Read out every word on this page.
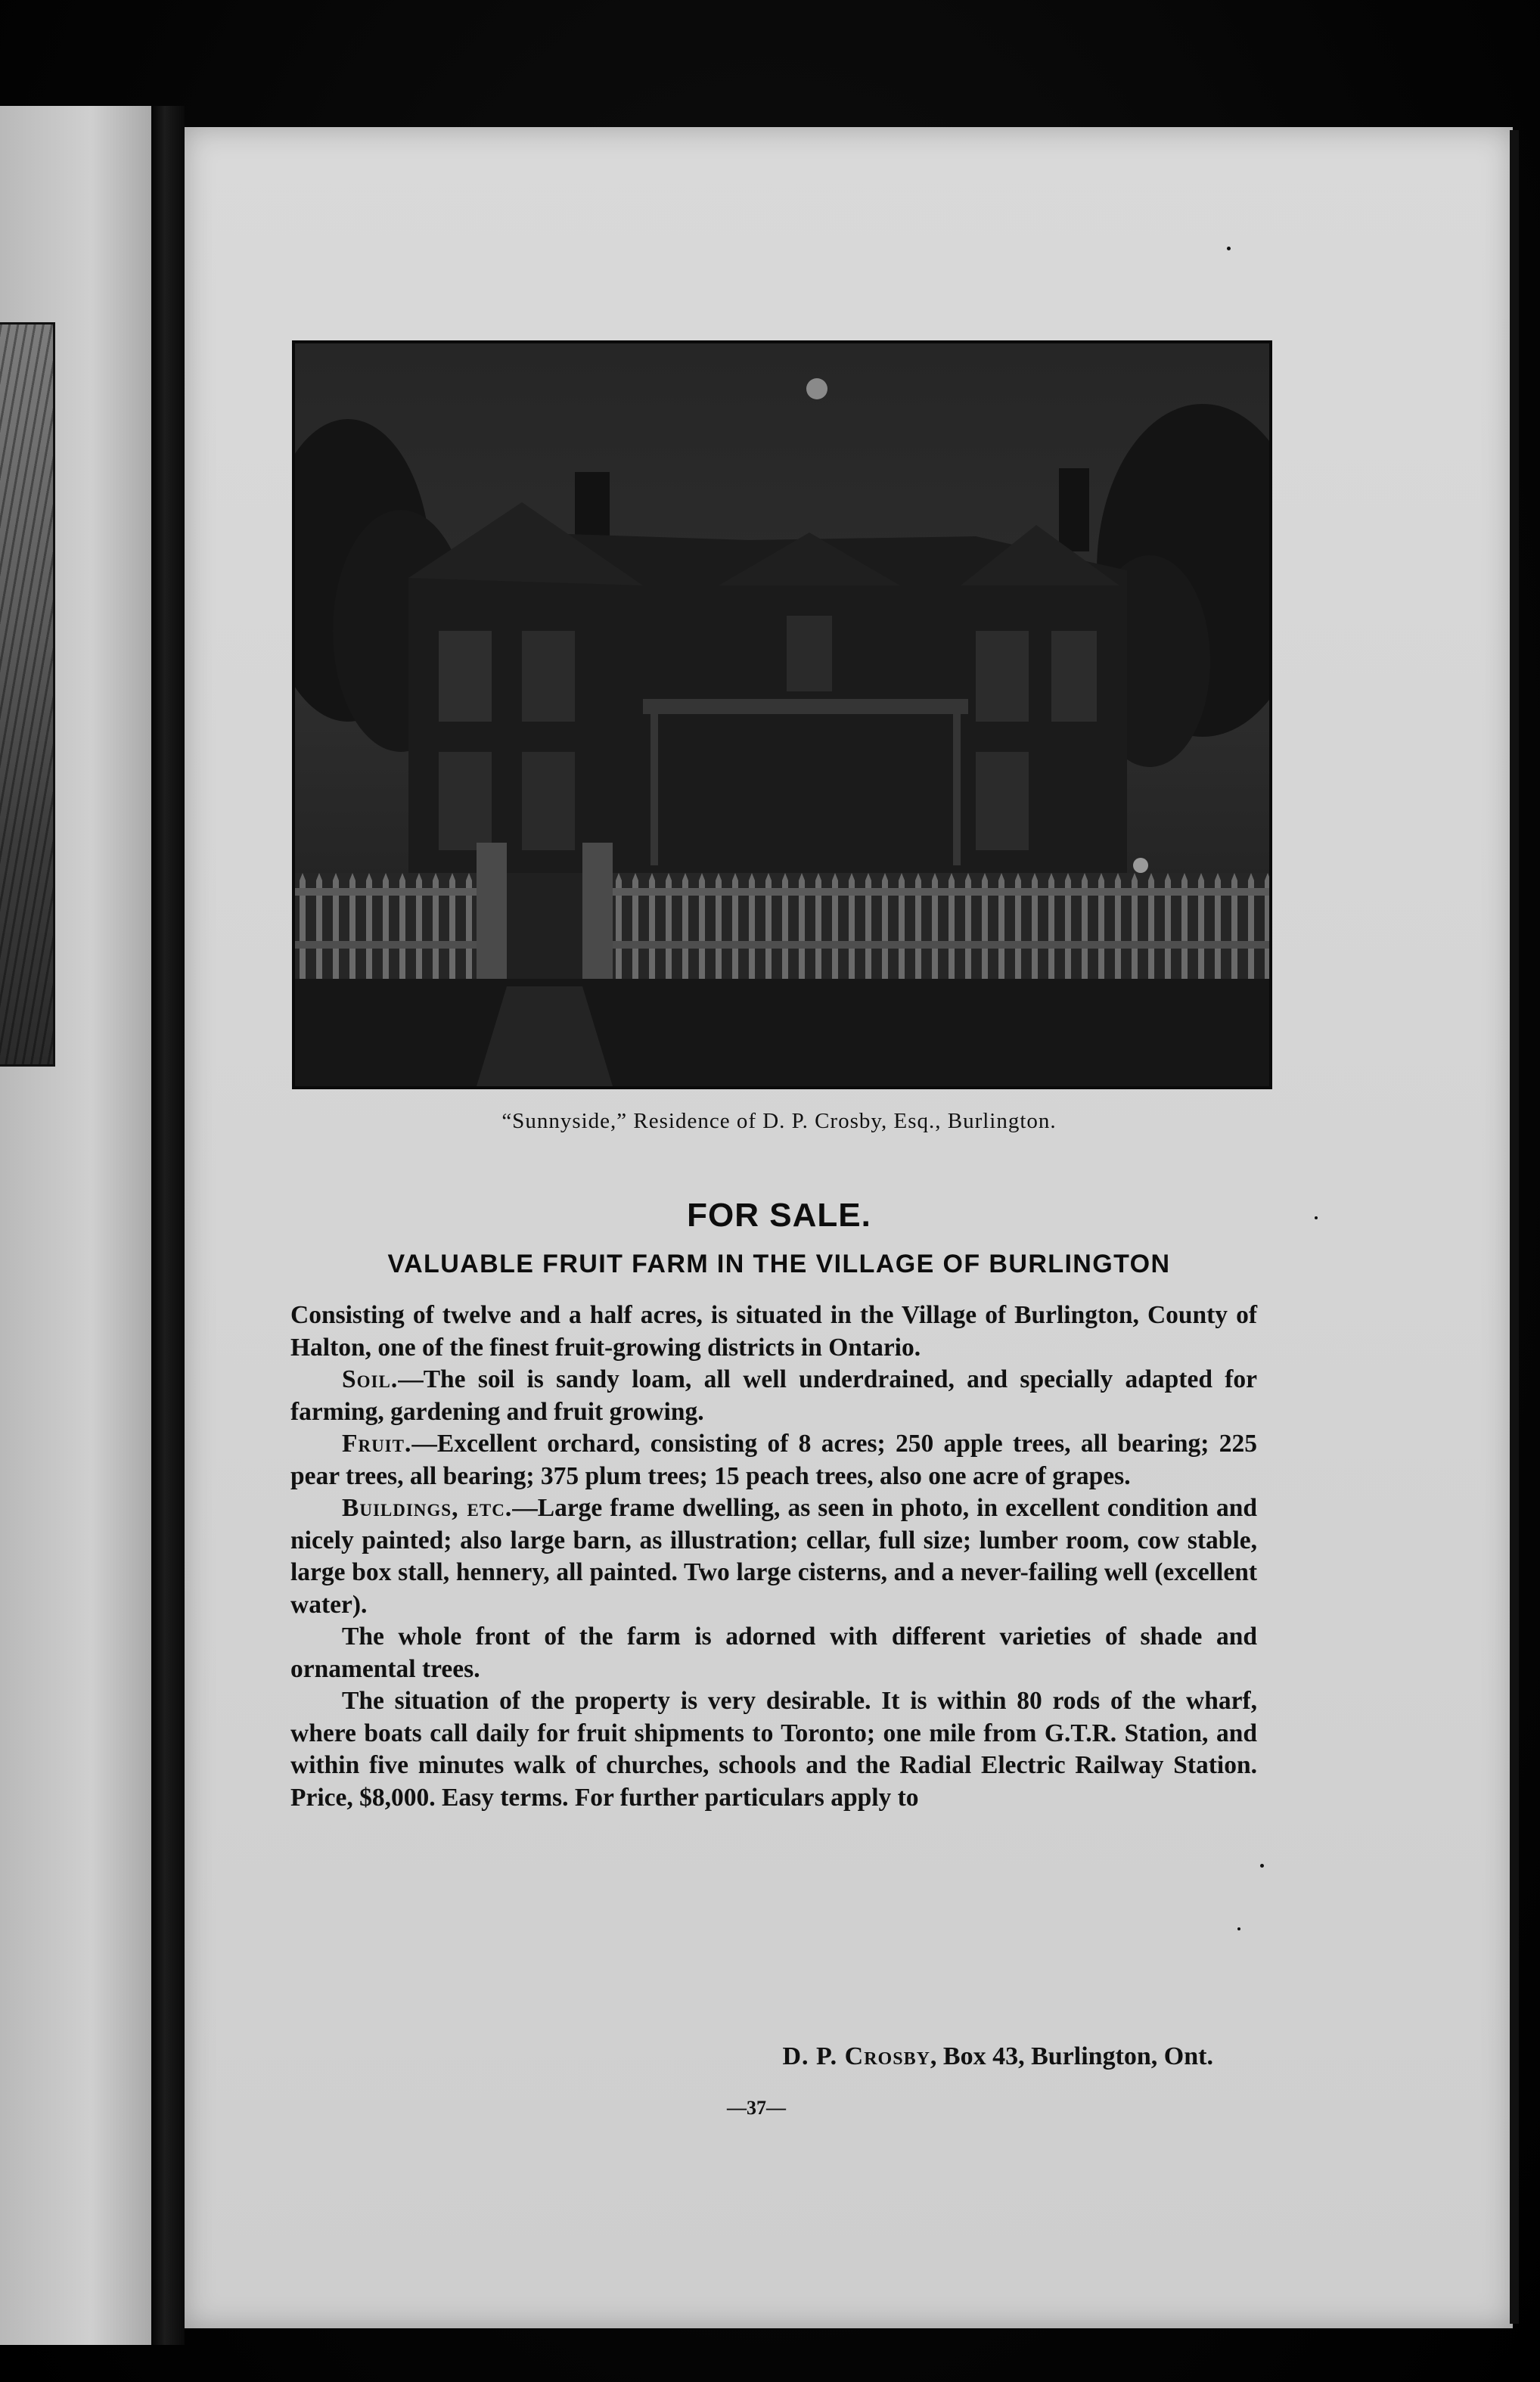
“Sunnyside,” Residence of D. P. Crosby, Esq., Burlington.
FOR SALE.
VALUABLE FRUIT FARM IN THE VILLAGE OF BURLINGTON

Consisting of twelve and a half acres, is situated in the Village of Burlington, County of Halton, one of the finest fruit-growing districts in Ontario.

Soil.—The soil is sandy loam, all well underdrained, and specially adapted for farming, gardening and fruit growing.

Fruit.—Excellent orchard, consisting of 8 acres; 250 apple trees, all bearing; 225 pear trees, all bearing; 375 plum trees; 15 peach trees, also one acre of grapes.

Buildings, etc.—Large frame dwelling, as seen in photo, in excellent condition and nicely painted; also large barn, as illustration; cellar, full size; lumber room, cow stable, large box stall, hennery, all painted. Two large cisterns, and a never-failing well (excellent water).

The whole front of the farm is adorned with different varieties of shade and ornamental trees.

The situation of the property is very desirable. It is within 80 rods of the wharf, where boats call daily for fruit shipments to Toronto; one mile from G.T.R. Station, and within five minutes walk of churches, schools and the Radial Electric Railway Station. Price, $8,000. Easy terms. For further particulars apply to

D. P. Crosby, Box 43, Burlington, Ont.
—37—
